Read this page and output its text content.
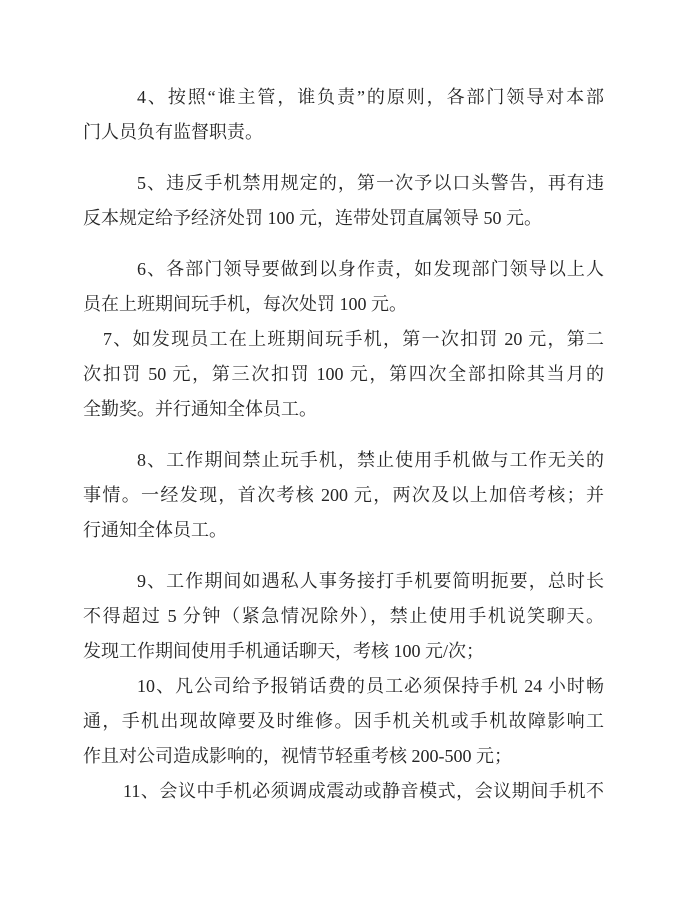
4、按照“谁主管，谁负责”的原则，各部门领导对本部
门人员负有监督职责。

5、违反手机禁用规定的，第一次予以口头警告，再有违
反本规定给予经济处罚 100 元，连带处罚直属领导 50 元。

6、各部门领导要做到以身作责，如发现部门领导以上人
员在上班期间玩手机，每次处罚 100 元。

7、如发现员工在上班期间玩手机，第一次扣罚 20 元，第二
次扣罚 50 元，第三次扣罚 100 元，第四次全部扣除其当月的
全勤奖。并行通知全体员工。

8、工作期间禁止玩手机，禁止使用手机做与工作无关的
事情。一经发现，首次考核 200 元，两次及以上加倍考核；并
行通知全体员工。

9、工作期间如遇私人事务接打手机要简明扼要，总时长
不得超过 5 分钟（紧急情况除外），禁止使用手机说笑聊天。
发现工作期间使用手机通话聊天，考核 100 元/次；

10、凡公司给予报销话费的员工必须保持手机 24 小时畅
通，手机出现故障要及时维修。因手机关机或手机故障影响工
作且对公司造成影响的，视情节轻重考核 200-500 元；

11、会议中手机必须调成震动或静音模式，会议期间手机不
